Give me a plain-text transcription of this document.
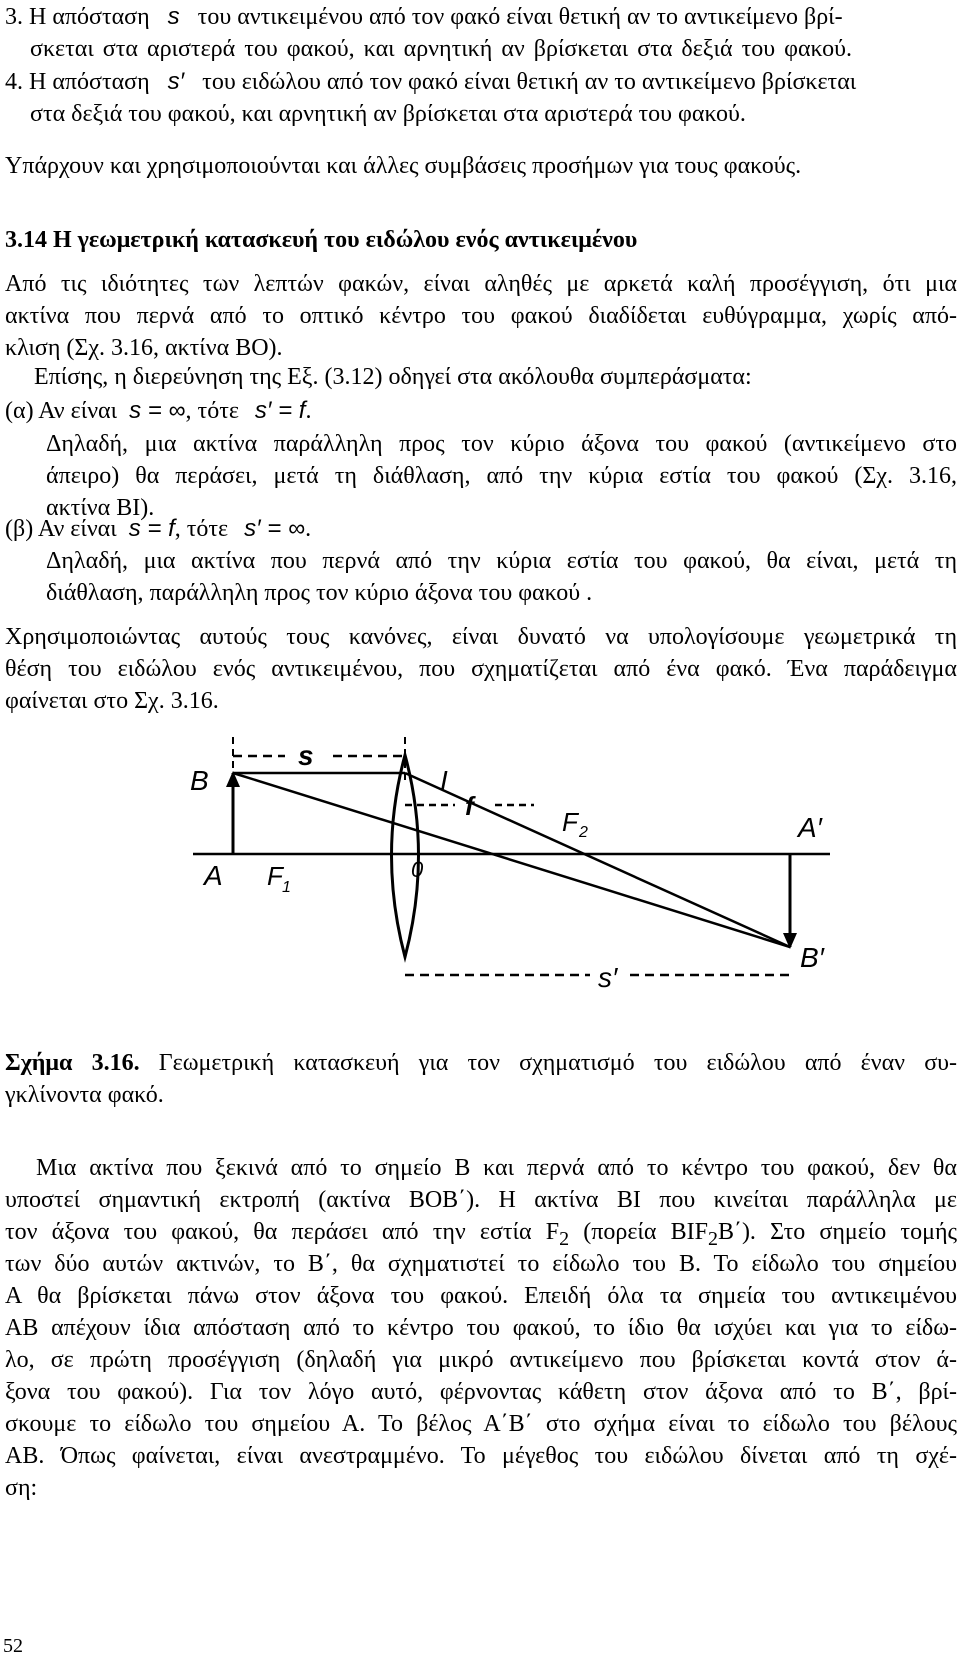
3. Η απόσταση s του αντικειμένου από τον φακό είναι θετική αν το αντικείμενο βρί-
σκεται στα αριστερά του φακού, και αρνητική αν βρίσκεται στα δεξιά του φακού.
4. Η απόσταση s′ του ειδώλου από τον φακό είναι θετική αν το αντικείμενο βρίσκεται
στα δεξιά του φακού, και αρνητική αν βρίσκεται στα αριστερά του φακού.
Υπάρχουν και χρησιμοποιούνται και άλλες συμβάσεις προσήμων για τους φακούς.
3.14 Η γεωμετρική κατασκευή του ειδώλου ενός αντικειμένου
Από τις ιδιότητες των λεπτών φακών, είναι αληθές με αρκετά καλή προσέγγιση, ότι μια
ακτίνα που περνά από το οπτικό κέντρο του φακού διαδίδεται ευθύγραμμα, χωρίς από-
κλιση (Σχ. 3.16, ακτίνα ΒΟ).
Επίσης, η διερεύνηση της Εξ. (3.12) οδηγεί στα ακόλουθα συμπεράσματα:
(α) Αν είναι s = ∞, τότε s′ = f.
Δηλαδή, μια ακτίνα παράλληλη προς τον κύριο άξονα του φακού (αντικείμενο στο
άπειρο) θα περάσει, μετά τη διάθλαση, από την κύρια εστία του φακού (Σχ. 3.16,
ακτίνα ΒΙ).
(β) Αν είναι s = f, τότε s′ = ∞.
Δηλαδή, μια ακτίνα που περνά από την κύρια εστία του φακού, θα είναι, μετά τη
διάθλαση, παράλληλη προς τον κύριο άξονα του φακού .
Χρησιμοποιώντας αυτούς τους κανόνες, είναι δυνατό να υπολογίσουμε γεωμετρικά τη
θέση του ειδώλου ενός αντικειμένου, που σχηματίζεται από ένα φακό. Ένα παράδειγμα
φαίνεται στο Σχ. 3.16.
s
f
s′
B	I
F 2	A′
A F 1
0
B′
Σχήμα 3.16. Γεωμετρική κατασκευή για τον σχηματισμό του ειδώλου από έναν συ-
γκλίνοντα φακό.
Μια ακτίνα που ξεκινά από το σημείο Β και περνά από το κέντρο του φακού, δεν θα
υποστεί σημαντική εκτροπή (ακτίνα ΒΟΒ΄). Η ακτίνα ΒΙ που κινείται παράλληλα με
τον άξονα του φακού, θα περάσει από την εστία $F_2$ (πορεία $BIF_2B΄$). Στο σημείο τομής
των δύο αυτών ακτινών, το Β΄, θα σχηματιστεί το είδωλο του Β. Το είδωλο του σημείου
Α θα βρίσκεται πάνω στον άξονα του φακού. Επειδή όλα τα σημεία του αντικειμένου
ΑΒ απέχουν ίδια απόσταση από το κέντρο του φακού, το ίδιο θα ισχύει και για το είδω-
λο, σε πρώτη προσέγγιση (δηλαδή για μικρό αντικείμενο που βρίσκεται κοντά στον ά-
ξονα του φακού). Για τον λόγο αυτό, φέρνοντας κάθετη στον άξονα από το Β΄, βρί-
σκουμε το είδωλο του σημείου Α. Το βέλος Α΄Β΄ στο σχήμα είναι το είδωλο του βέλους
ΑΒ. Όπως φαίνεται, είναι ανεστραμμένο. Το μέγεθος του ειδώλου δίνεται από τη σχέ-
ση:
52
